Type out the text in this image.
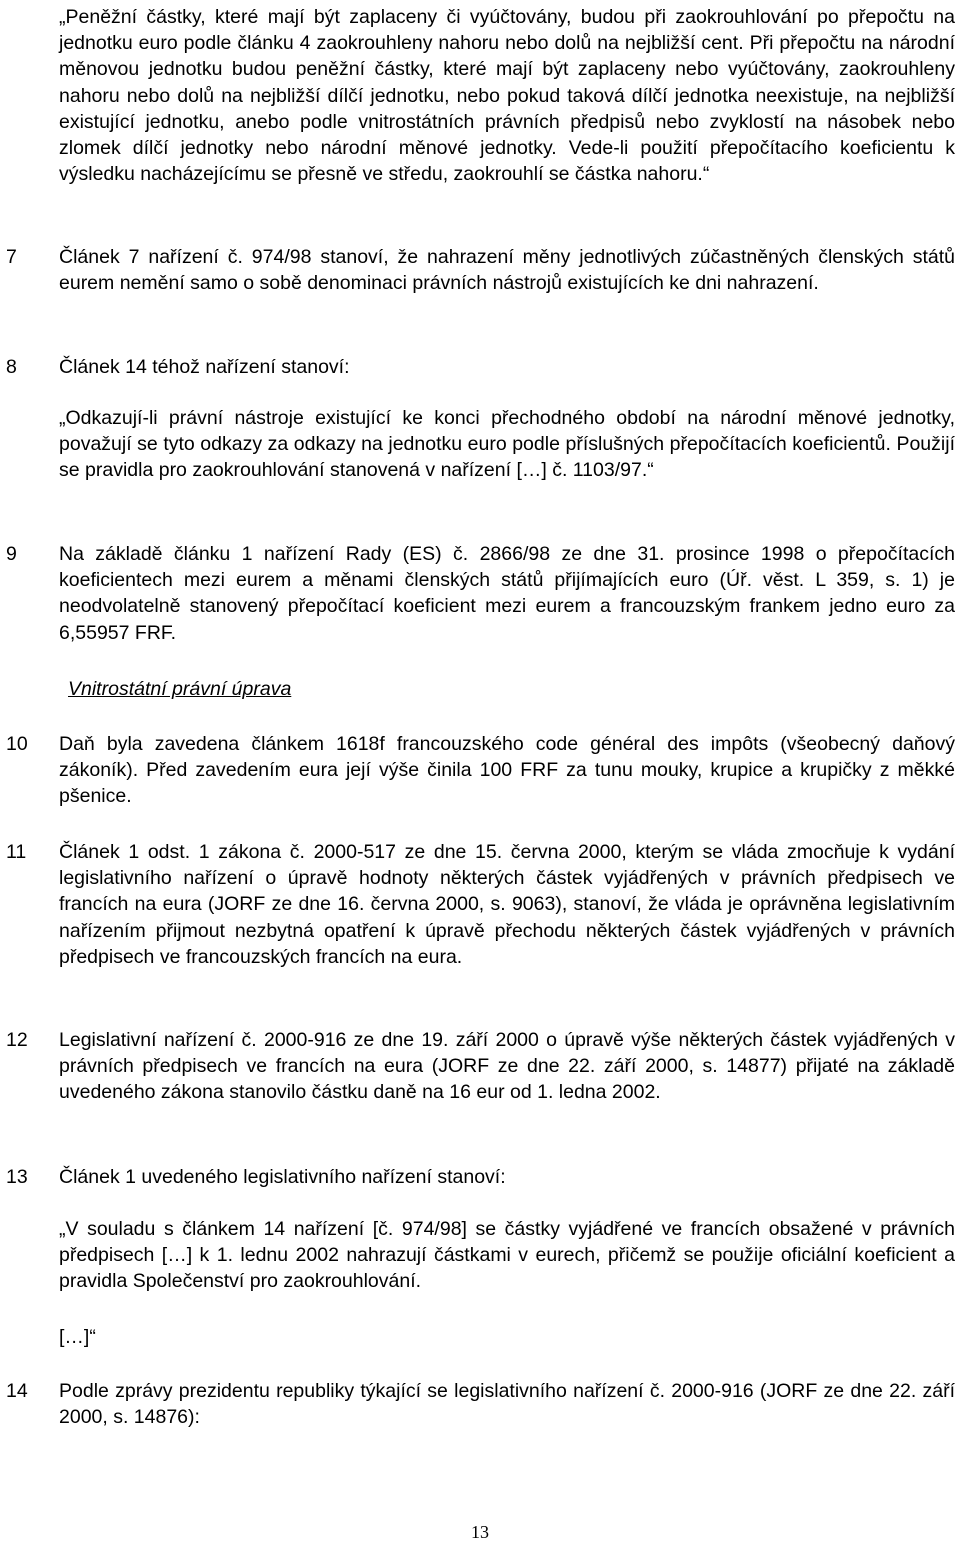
„Peněžní částky, které mají být zaplaceny či vyúčtovány, budou při zaokrouhlování po přepočtu na jednotku euro podle článku 4 zaokrouhleny nahoru nebo dolů na nejbližší cent. Při přepočtu na národní měnovou jednotku budou peněžní částky, které mají být zaplaceny nebo vyúčtovány, zaokrouhleny nahoru nebo dolů na nejbližší dílčí jednotku, nebo pokud taková dílčí jednotka neexistuje, na nejbližší existující jednotku, anebo podle vnitrostátních právních předpisů nebo zvyklostí na násobek nebo zlomek dílčí jednotky nebo národní měnové jednotky. Vede-li použití přepočítacího koeficientu k výsledku nacházejícímu se přesně ve středu, zaokrouhlí se částka nahoru.“

7	Článek 7 nařízení č. 974/98 stanoví, že nahrazení měny jednotlivých zúčastněných členských států eurem nemění samo o sobě denominaci právních nástrojů existujících ke dni nahrazení.

8	Článek 14 téhož nařízení stanoví:

„Odkazují-li právní nástroje existující ke konci přechodného období na národní měnové jednotky, považují se tyto odkazy za odkazy na jednotku euro podle příslušných přepočítacích koeficientů. Použijí se pravidla pro zaokrouhlování stanovená v nařízení […] č. 1103/97.“

9	Na základě článku 1 nařízení Rady (ES) č. 2866/98 ze dne 31. prosince 1998 o přepočítacích koeficientech mezi eurem a měnami členských států přijímajících euro (Úř. věst. L 359, s. 1) je neodvolatelně stanovený přepočítací koeficient mezi eurem a francouzským frankem jedno euro za 6,55957 FRF.

Vnitrostátní právní úprava

10	Daň byla zavedena článkem 1618f francouzského code général des impôts (všeobecný daňový zákoník). Před zavedením eura její výše činila 100 FRF za tunu mouky, krupice a krupičky z měkké pšenice.

11	Článek 1 odst. 1 zákona č. 2000-517 ze dne 15. června 2000, kterým se vláda zmocňuje k vydání legislativního nařízení o úpravě hodnoty některých částek vyjádřených v právních předpisech ve francích na eura (JORF ze dne 16. června 2000, s. 9063), stanoví, že vláda je oprávněna legislativním nařízením přijmout nezbytná opatření k úpravě přechodu některých částek vyjádřených v právních předpisech ve francouzských francích na eura.

12	Legislativní nařízení č. 2000-916 ze dne 19. září 2000 o úpravě výše některých částek vyjádřených v právních předpisech ve francích na eura (JORF ze dne 22. září 2000, s. 14877) přijaté na základě uvedeného zákona stanovilo částku daně na 16 eur od 1. ledna 2002.

13	Článek 1 uvedeného legislativního nařízení stanoví:

„V souladu s článkem 14 nařízení [č. 974/98] se částky vyjádřené ve francích obsažené v právních předpisech […] k 1. lednu 2002 nahrazují částkami v eurech, přičemž se použije oficiální koeficient a pravidla Společenství pro zaokrouhlování.

[…]“

14	Podle zprávy prezidentu republiky týkající se legislativního nařízení č. 2000-916 (JORF ze dne 22. září 2000, s. 14876):

13
